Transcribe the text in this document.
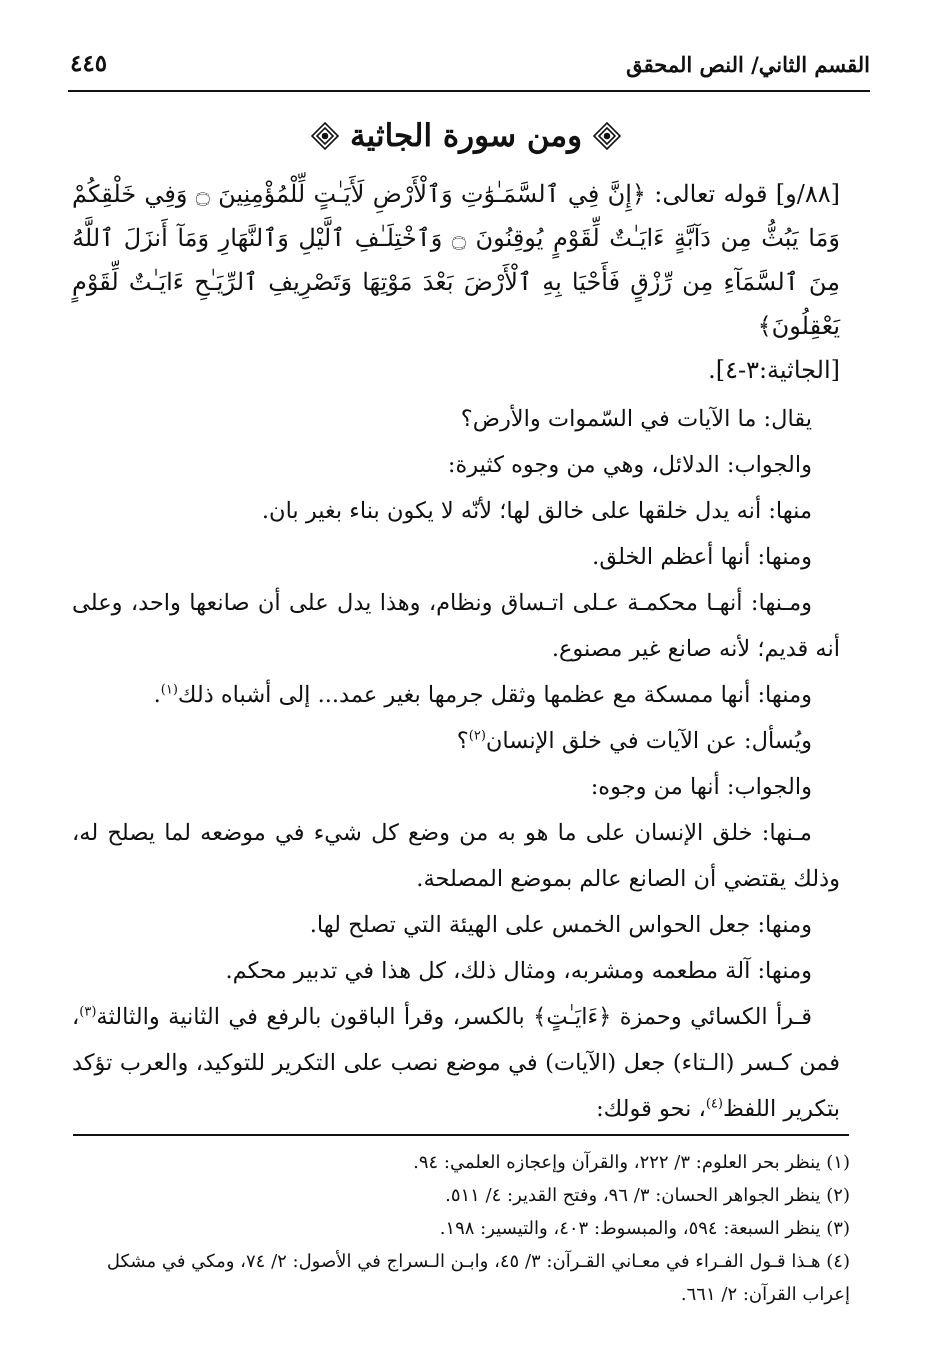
القسم الثاني/ النص المحقق
٤٤٥
ومن سورة الجاثية

[٨٨/و] قوله تعالى: ﴿إِنَّ فِي ٱلسَّمَـٰوَٰتِ وَٱلْأَرْضِ لَأَيَـٰتٍ لِّلْمُؤْمِنِينَ ۝ وَفِي خَلْقِكُمْ وَمَا يَبُثُّ مِن دَآبَّةٍ ءَايَـٰتٌ لِّقَوْمٍ يُوقِنُونَ ۝ وَٱخْتِلَـٰفِ ٱلَّيْلِ وَٱلنَّهَارِ وَمَآ أَنزَلَ ٱللَّهُ مِنَ ٱلسَّمَآءِ مِن رِّزْقٍ فَأَحْيَا بِهِ ٱلْأَرْضَ بَعْدَ مَوْتِهَا وَتَصْرِيفِ ٱلرِّيَـٰحِ ءَايَـٰتٌ لِّقَوْمٍ يَعْقِلُونَ﴾

[الجاثية:٣-٤].

يقال: ما الآيات في السّموات والأرض؟

والجواب: الدلائل، وهي من وجوه كثيرة:

منها: أنه يدل خلقها على خالق لها؛ لأنّه لا يكون بناء بغير بان.

ومنها: أنها أعظم الخلق.

ومـنها: أنهـا محكمـة عـلى اتـساق ونظام، وهذا يدل على أن صانعها واحد، وعلى أنه قديم؛ لأنه صانع غير مصنوع.

ومنها: أنها ممسكة مع عظمها وثقل جرمها بغير عمد... إلى أشباه ذلك$^{(١)}$.

ويُسأل: عن الآيات في خلق الإنسان$^{(٢)}$؟

والجواب: أنها من وجوه:

مـنها: خلق الإنسان على ما هو به من وضع كل شيء في موضعه لما يصلح له، وذلك يقتضي أن الصانع عالم بموضع المصلحة.

ومنها: جعل الحواس الخمس على الهيئة التي تصلح لها.

ومنها: آلة مطعمه ومشربه، ومثال ذلك، كل هذا في تدبير محكم.

قـرأ الكسائي وحمزة ﴿ءَايَـٰتٍ﴾ بالكسر، وقرأ الباقون بالرفع في الثانية والثالثة$^{(٣)}$، فمن كـسر (الـتاء) جعل (الآيات) في موضع نصب على التكرير للتوكيد، والعرب تؤكد بتكرير اللفظ$^{(٤)}$، نحو قولك:

(١) ينظر بحر العلوم: ٣/ ٢٢٢، والقرآن وإعجازه العلمي: ٩٤.

(٢) ينظر الجواهر الحسان: ٣/ ٩٦، وفتح القدير: ٤/ ٥١١.

(٣) ينظر السبعة: ٥٩٤، والمبسوط: ٤٠٣، والتيسير: ١٩٨.

(٤) هـذا قـول الفـراء في معـاني القـرآن: ٣/ ٤٥، وابـن الـسراج في الأصول: ٢/ ٧٤، ومكي في مشكل إعراب القرآن: ٢/ ٦٦١.
